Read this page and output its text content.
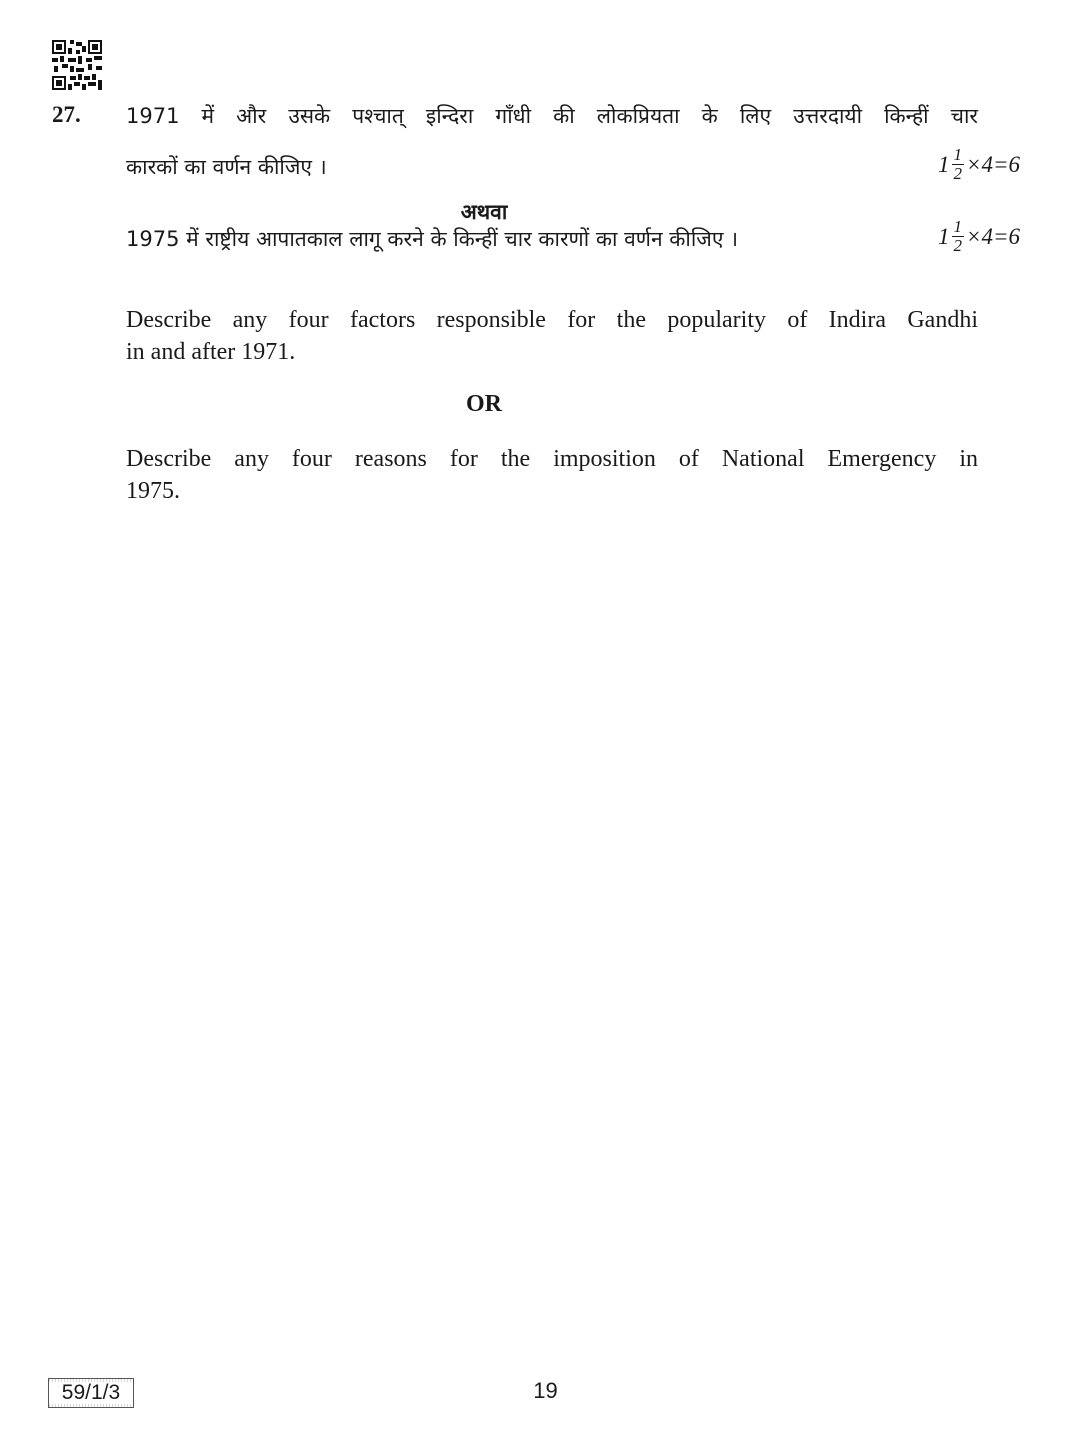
27. 1971 में और उसके पश्चात् इन्दिरा गाँधी की लोकप्रियता के लिए उत्तरदायी किन्हीं चार
कारकों का वर्णन कीजिए ।	$1 \frac{1}{2} \times 4=6$
अथवा
1975 में राष्ट्रीय आपातकाल लागू करने के किन्हीं चार कारणों का वर्णन कीजिए ।	$1 \frac{1}{2} \times 4=6$
Describe any four factors responsible for the popularity of Indira Gandhi
in and after 1971.
OR
Describe any four reasons for the imposition of National Emergency in
1975.
59/1/3	19
